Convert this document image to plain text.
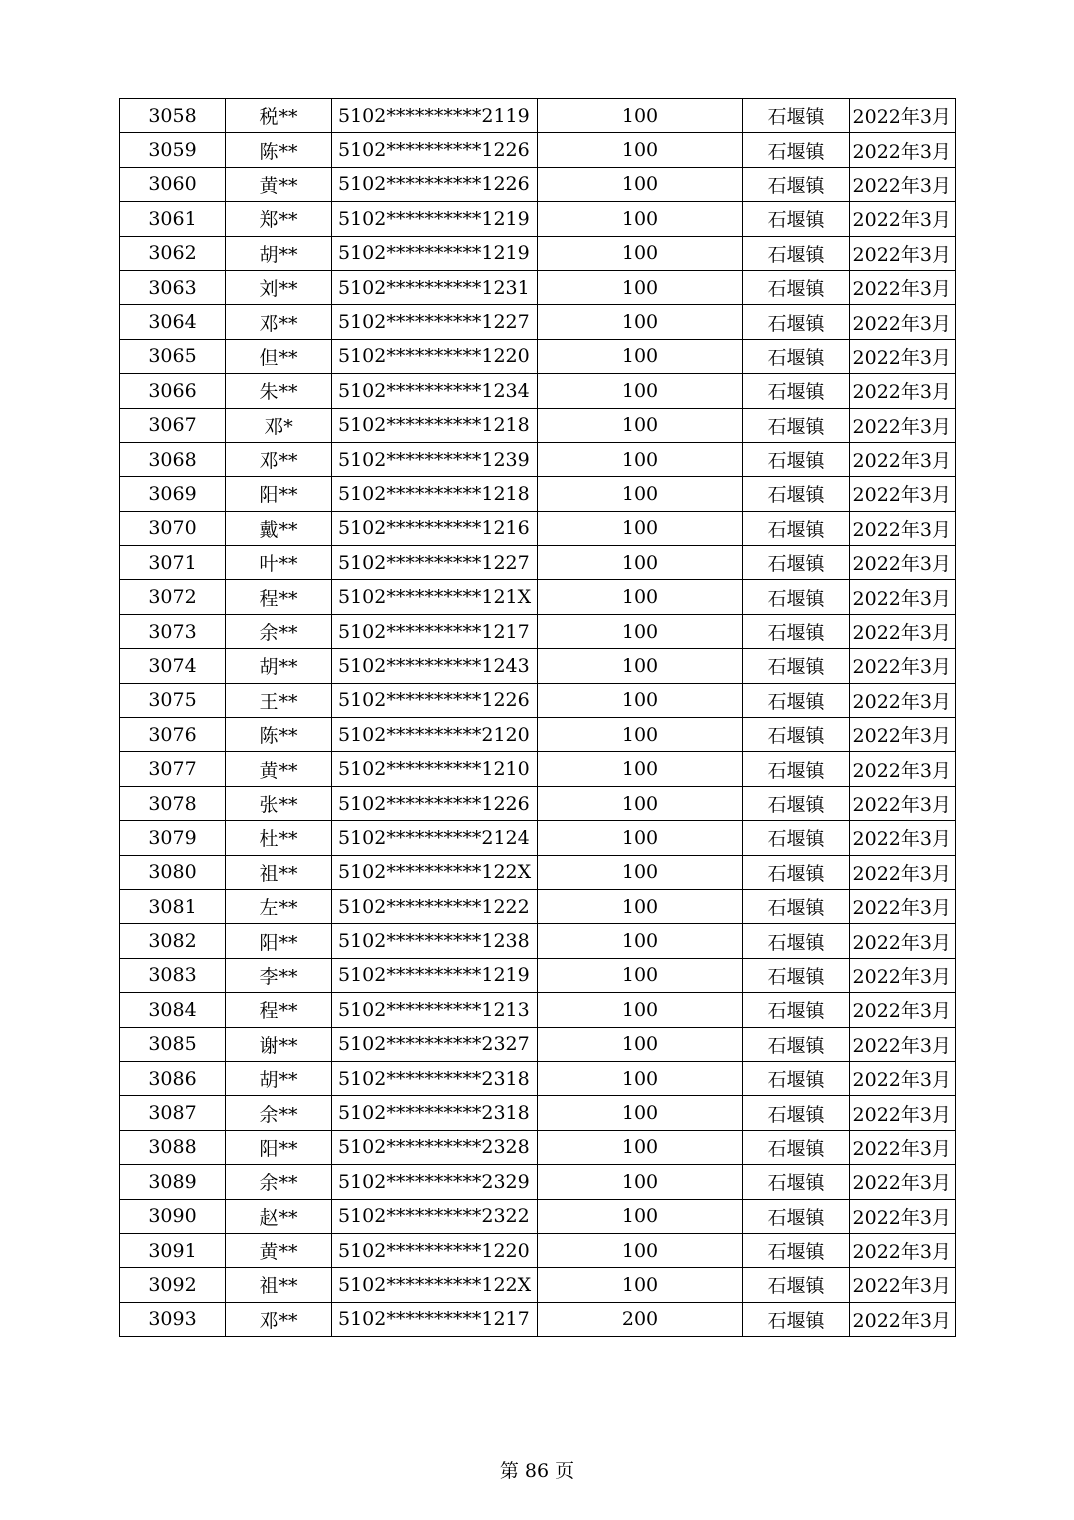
3058	税**	5102**********2119	100	石堰镇	2022年3月
3059	陈**	5102**********1226	100	石堰镇	2022年3月
3060	黄**	5102**********1226	100	石堰镇	2022年3月
3061	郑**	5102**********1219	100	石堰镇	2022年3月
3062	胡**	5102**********1219	100	石堰镇	2022年3月
3063	刘**	5102**********1231	100	石堰镇	2022年3月
3064	邓**	5102**********1227	100	石堰镇	2022年3月
3065	但**	5102**********1220	100	石堰镇	2022年3月
3066	朱**	5102**********1234	100	石堰镇	2022年3月
3067	邓*	5102**********1218	100	石堰镇	2022年3月
3068	邓**	5102**********1239	100	石堰镇	2022年3月
3069	阳**	5102**********1218	100	石堰镇	2022年3月
3070	戴**	5102**********1216	100	石堰镇	2022年3月
3071	叶**	5102**********1227	100	石堰镇	2022年3月
3072	程**	5102**********121X	100	石堰镇	2022年3月
3073	余**	5102**********1217	100	石堰镇	2022年3月
3074	胡**	5102**********1243	100	石堰镇	2022年3月
3075	王**	5102**********1226	100	石堰镇	2022年3月
3076	陈**	5102**********2120	100	石堰镇	2022年3月
3077	黄**	5102**********1210	100	石堰镇	2022年3月
3078	张**	5102**********1226	100	石堰镇	2022年3月
3079	杜**	5102**********2124	100	石堰镇	2022年3月
3080	祖**	5102**********122X	100	石堰镇	2022年3月
3081	左**	5102**********1222	100	石堰镇	2022年3月
3082	阳**	5102**********1238	100	石堰镇	2022年3月
3083	李**	5102**********1219	100	石堰镇	2022年3月
3084	程**	5102**********1213	100	石堰镇	2022年3月
3085	谢**	5102**********2327	100	石堰镇	2022年3月
3086	胡**	5102**********2318	100	石堰镇	2022年3月
3087	余**	5102**********2318	100	石堰镇	2022年3月
3088	阳**	5102**********2328	100	石堰镇	2022年3月
3089	余**	5102**********2329	100	石堰镇	2022年3月
3090	赵**	5102**********2322	100	石堰镇	2022年3月
3091	黄**	5102**********1220	100	石堰镇	2022年3月
3092	祖**	5102**********122X	100	石堰镇	2022年3月
3093	邓**	5102**********1217	200	石堰镇	2022年3月
第 86 页
